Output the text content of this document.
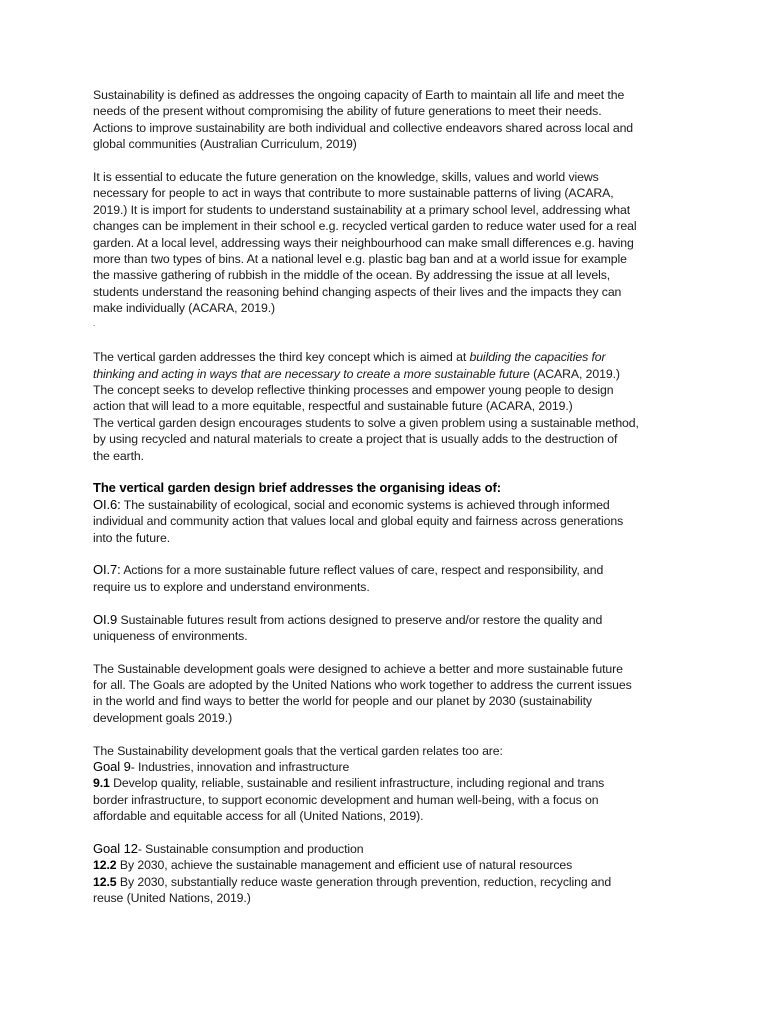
Sustainability is defined as addresses the ongoing capacity of Earth to maintain all life and meet the
needs of the present without compromising the ability of future generations to meet their needs.
Actions to improve sustainability are both individual and collective endeavors shared across local and
global communities (Australian Curriculum, 2019)
It is essential to educate the future generation on the knowledge, skills, values and world views
necessary for people to act in ways that contribute to more sustainable patterns of living (ACARA,
2019.) It is import for students to understand sustainability at a primary school level, addressing what
changes can be implement in their school e.g. recycled vertical garden to reduce water used for a real
garden. At a local level, addressing ways their neighbourhood can make small differences e.g. having
more than two types of bins. At a national level e.g. plastic bag ban and at a world issue for example
the massive gathering of rubbish in the middle of the ocean. By addressing the issue at all levels,
students understand the reasoning behind changing aspects of their lives and the impacts they can
make individually (ACARA, 2019.)
.
The vertical garden addresses the third key concept which is aimed at building the capacities for
thinking and acting in ways that are necessary to create a more sustainable future (ACARA, 2019.)
The concept seeks to develop reflective thinking processes and empower young people to design
action that will lead to a more equitable, respectful and sustainable future (ACARA, 2019.)
The vertical garden design encourages students to solve a given problem using a sustainable method,
by using recycled and natural materials to create a project that is usually adds to the destruction of
the earth.
The vertical garden design brief addresses the organising ideas of:
OI.6: The sustainability of ecological, social and economic systems is achieved through informed
individual and community action that values local and global equity and fairness across generations
into the future.
OI.7: Actions for a more sustainable future reflect values of care, respect and responsibility, and
require us to explore and understand environments.
OI.9 Sustainable futures result from actions designed to preserve and/or restore the quality and
uniqueness of environments.
The Sustainable development goals were designed to achieve a better and more sustainable future
for all. The Goals are adopted by the United Nations who work together to address the current issues
in the world and find ways to better the world for people and our planet by 2030 (sustainability
development goals 2019.)
The Sustainability development goals that the vertical garden relates too are:
Goal 9- Industries, innovation and infrastructure
9.1 Develop quality, reliable, sustainable and resilient infrastructure, including regional and trans
border infrastructure, to support economic development and human well-being, with a focus on
affordable and equitable access for all (United Nations, 2019).
Goal 12- Sustainable consumption and production
12.2 By 2030, achieve the sustainable management and efficient use of natural resources
12.5 By 2030, substantially reduce waste generation through prevention, reduction, recycling and
reuse (United Nations, 2019.)
